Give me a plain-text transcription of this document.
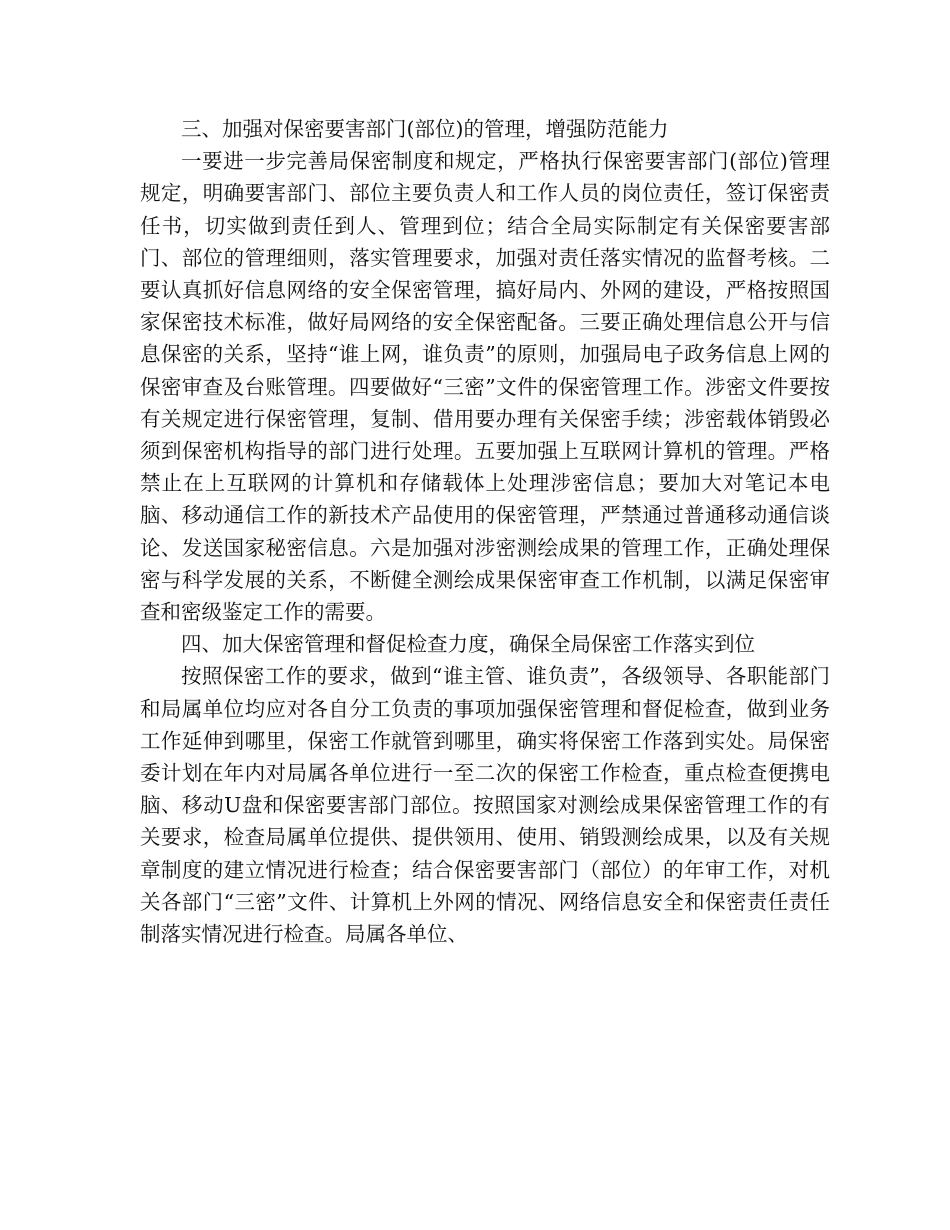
三、加强对保密要害部门(部位)的管理，增强防范能力

一要进一步完善局保密制度和规定，严格执行保密要害部门(部位)管理规定，明确要害部门、部位主要负责人和工作人员的岗位责任，签订保密责任书，切实做到责任到人、管理到位；结合全局实际制定有关保密要害部门、部位的管理细则，落实管理要求，加强对责任落实情况的监督考核。二要认真抓好信息网络的安全保密管理，搞好局内、外网的建设，严格按照国家保密技术标准，做好局网络的安全保密配备。三要正确处理信息公开与信息保密的关系，坚持“谁上网，谁负责”的原则，加强局电子政务信息上网的保密审查及台账管理。四要做好“三密”文件的保密管理工作。涉密文件要按有关规定进行保密管理，复制、借用要办理有关保密手续；涉密载体销毁必须到保密机构指导的部门进行处理。五要加强上互联网计算机的管理。严格禁止在上互联网的计算机和存储载体上处理涉密信息；要加大对笔记本电脑、移动通信工作的新技术产品使用的保密管理，严禁通过普通移动通信谈论、发送国家秘密信息。六是加强对涉密测绘成果的管理工作，正确处理保密与科学发展的关系，不断健全测绘成果保密审查工作机制，以满足保密审查和密级鉴定工作的需要。

四、加大保密管理和督促检查力度，确保全局保密工作落实到位

按照保密工作的要求，做到“谁主管、谁负责”，各级领导、各职能部门和局属单位均应对各自分工负责的事项加强保密管理和督促检查，做到业务工作延伸到哪里，保密工作就管到哪里，确实将保密工作落到实处。局保密委计划在年内对局属各单位进行一至二次的保密工作检查，重点检查便携电脑、移动U盘和保密要害部门部位。按照国家对测绘成果保密管理工作的有关要求，检查局属单位提供、提供领用、使用、销毁测绘成果，以及有关规章制度的建立情况进行检查；结合保密要害部门（部位）的年审工作，对机关各部门“三密”文件、计算机上外网的情况、网络信息安全和保密责任责任制落实情况进行检查。局属各单位、
